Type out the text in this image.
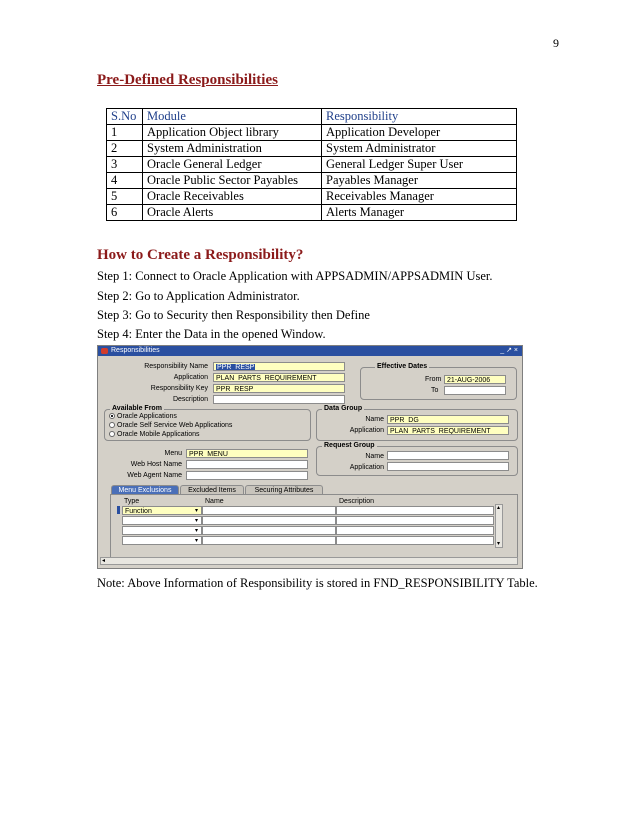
9
Pre-Defined Responsibilities
S.No	Module	Responsibility
1	Application Object library	Application Developer
2	System Administration	System Administrator
3	Oracle General Ledger	General Ledger Super User
4	Oracle Public Sector Payables	Payables Manager
5	Oracle Receivables	Receivables Manager
6	Oracle Alerts	Alerts Manager
How to Create a Responsibility?
Step 1: Connect to Oracle Application with APPSADMIN/APPSADMIN User.
Step 2: Go to Application Administrator.
Step 3: Go to Security then Responsibility then Define
Step 4: Enter the Data in the opened Window.
Responsibilities	_ ↗ ×
Responsibility Name	PPR_RESP
Application	PLAN_PARTS_REQUIREMENT
Responsibility Key	PPR_RESP
Description
Effective Dates
From 21-AUG-2006
To
Available From
Oracle Applications
Oracle Self Service Web Applications
Oracle Mobile Applications
Data Group
Name PPR_DG
Application PLAN_PARTS_REQUIREMENT
Menu	PPR_MENU
Web Host Name
Web Agent Name
Request Group
Name
Application
Menu Exclusions	Excluded Items	Securing Attributes
Type	Name	Description
Function	▾
▾
▾
▾
▴
▾
◂
Note: Above Information of Responsibility is stored in FND_RESPONSIBILITY Table.
